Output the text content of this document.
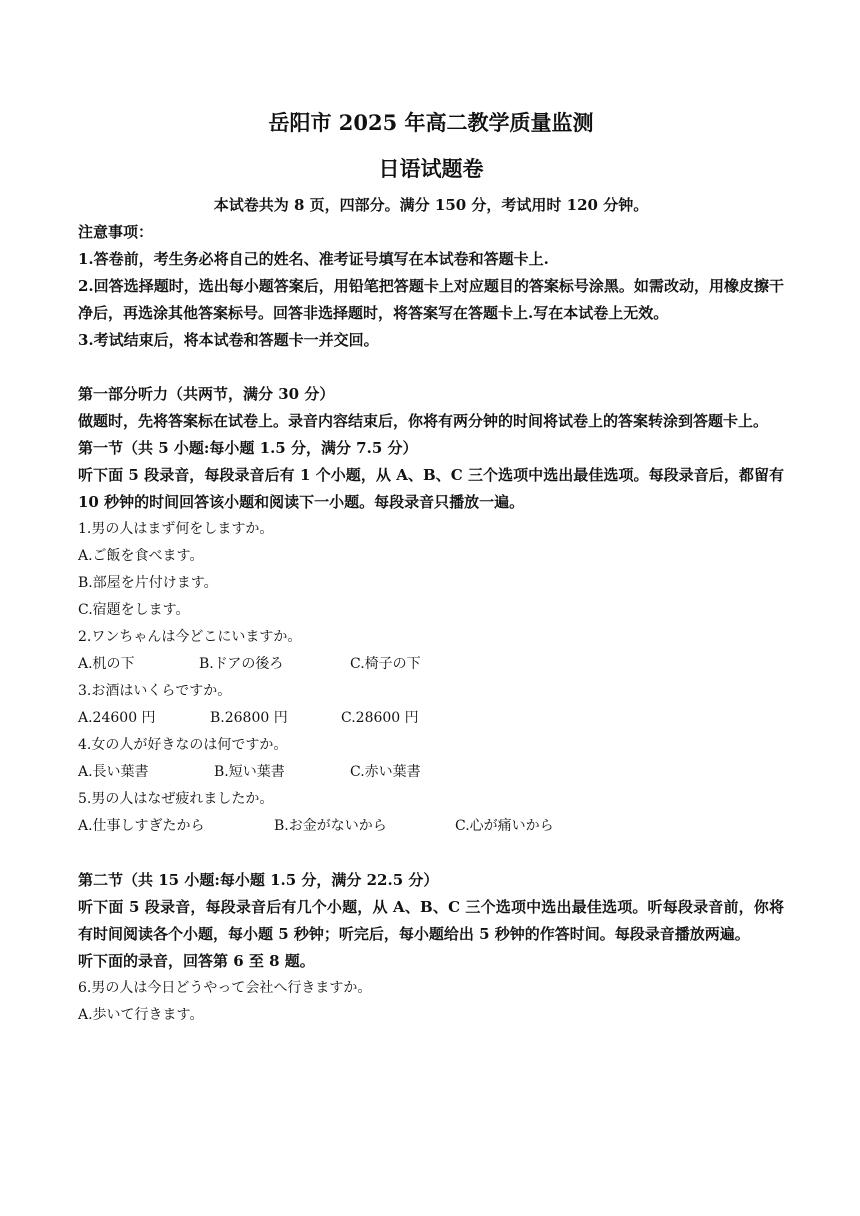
岳阳市 2025 年高二教学质量监测
日语试题卷
本试卷共为 8 页，四部分。满分 150 分，考试用时 120 分钟。
注意事项：
1.答卷前，考生务必将自己的姓名、准考证号填写在本试卷和答题卡上.
2.回答选择题时，选出每小题答案后，用铅笔把答题卡上对应题目的答案标号涂黑。如需改动，用橡皮擦干净后，再选涂其他答案标号。回答非选择题时，将答案写在答题卡上.写在本试卷上无效。
3.考试结束后，将本试卷和答题卡一并交回。
第一部分听力（共两节，满分 30 分）
做题时，先将答案标在试卷上。录音内容结束后，你将有两分钟的时间将试卷上的答案转涂到答题卡上。
第一节（共 5 小题:每小题 1.5 分，满分 7.5 分）
听下面 5 段录音，每段录音后有 1 个小题，从 A、B、C 三个选项中选出最佳选项。每段录音后，都留有 10 秒钟的时间回答该小题和阅读下一小题。每段录音只播放一遍。
1.男の人はまず何をしますか。
A.ご飯を食べます。
B.部屋を片付けます。
C.宿題をします。
2.ワンちゃんは今どこにいますか。
A.机の下	B.ドアの後ろ	C.椅子の下
3.お酒はいくらですか。
A.24600 円	B.26800 円	C.28600 円
4.女の人が好きなのは何ですか。
A.長い葉書	B.短い葉書	C.赤い葉書
5.男の人はなぜ疲れましたか。
A.仕事しすぎたから	B.お金がないから	C.心が痛いから
第二节（共 15 小题:每小题 1.5 分，满分 22.5 分）
听下面 5 段录音，每段录音后有几个小题，从 A、B、C 三个选项中选出最佳选项。听每段录音前，你将有时间阅读各个小题，每小题 5 秒钟；听完后，每小题给出 5 秒钟的作答时间。每段录音播放两遍。
听下面的录音，回答第 6 至 8 题。
6.男の人は今日どうやって会社へ行きますか。
A.歩いて行きます。
